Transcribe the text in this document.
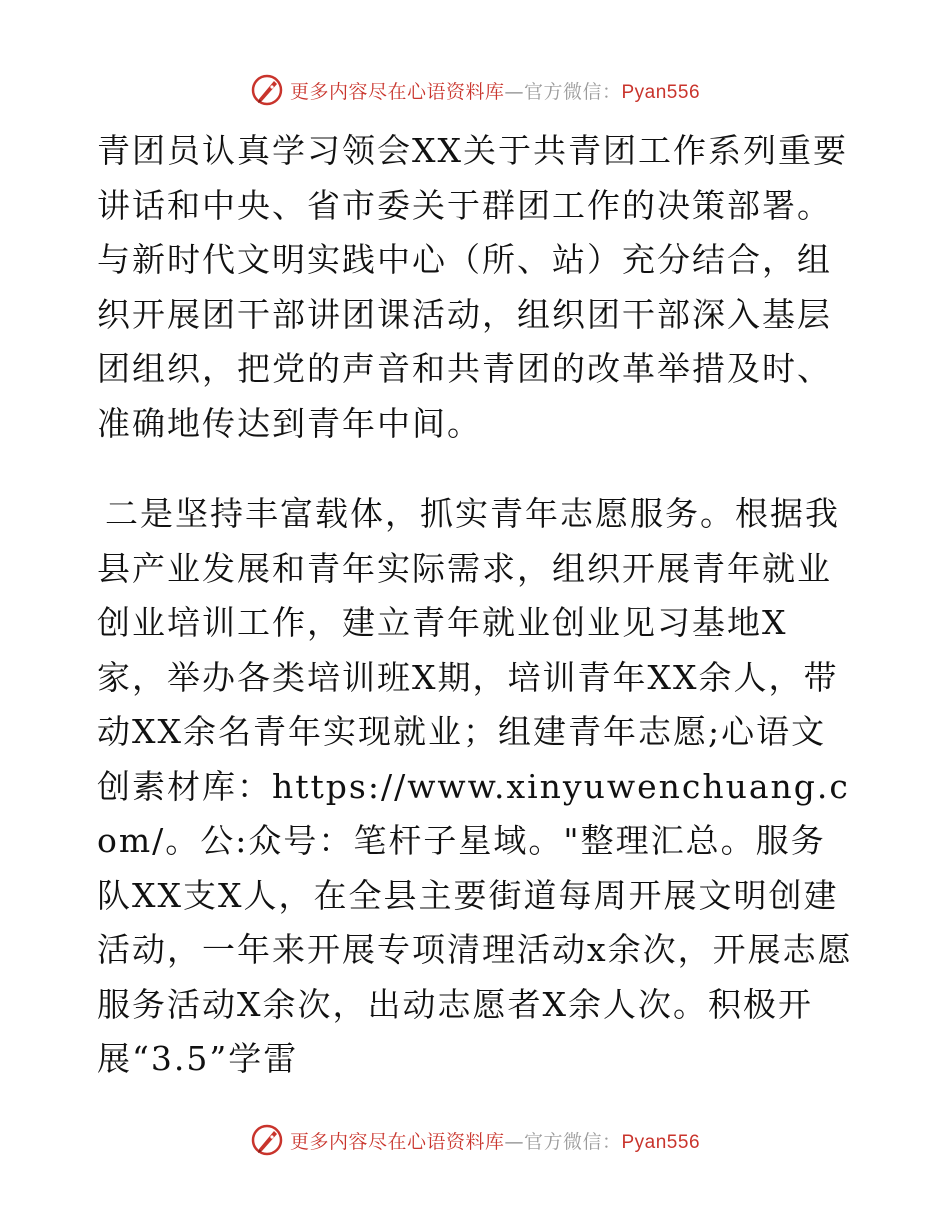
更多内容尽在心语资料库—官方微信：Pyan556

青团员认真学习领会XX关于共青团工作系列重要讲话和中央、省市委关于群团工作的决策部署。与新时代文明实践中心（所、站）充分结合，组织开展团干部讲团课活动，组织团干部深入基层团组织，把党的声音和共青团的改革举措及时、准确地传达到青年中间。

二是坚持丰富载体，抓实青年志愿服务。根据我县产业发展和青年实际需求，组织开展青年就业创业培训工作，建立青年就业创业见习基地X家，举办各类培训班X期，培训青年XX余人，带动XX余名青年实现就业；组建青年志愿;心语文创素材库：https://www.xinyuwenchuang.com/。公:众号：笔杆子星域。"整理汇总。服务队XX支X人，在全县主要街道每周开展文明创建活动，一年来开展专项清理活动x余次，开展志愿服务活动X余次，出动志愿者X余人次。积极开展“3.5”学雷

更多内容尽在心语资料库—官方微信：Pyan556
